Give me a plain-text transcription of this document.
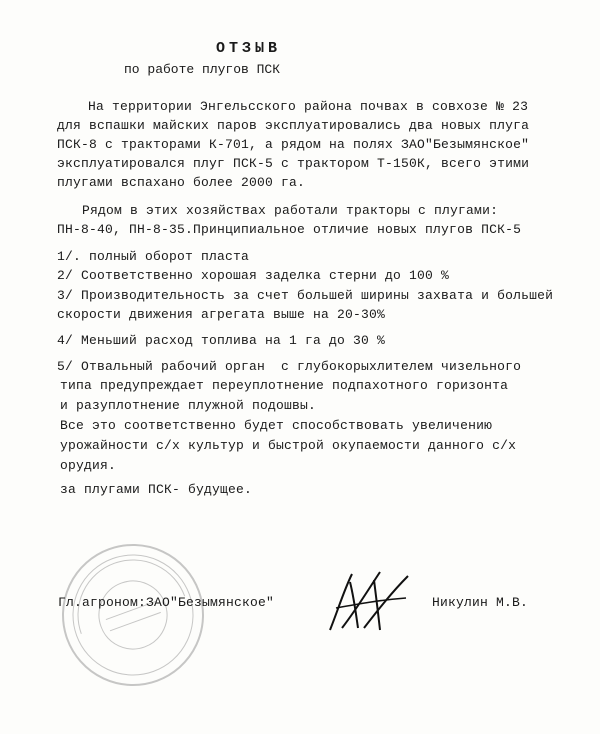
ОТЗЫВ
по работе плугов ПСК
На территории Энгельсского района почвах в совхозе № 23
для вспашки майских паров эксплуатировались два новых плуга
ПСК-8 с тракторами К-701, а рядом на полях ЗАО"Безымянское"
эксплуатировался плуг ПСК-5 с трактором Т-150К, всего этими
плугами вспахано более 2000 га.
Рядом в этих хозяйствах работали тракторы с плугами:
ПН-8-40, ПН-8-35.Принципиальное отличие новых плугов ПСК-5
1/. полный оборот пласта
2/ Соответственно хорошая заделка стерни до 100 %
3/ Производительность за счет большей ширины захвата и большей
скорости движения агрегата выше на 20-30%
4/ Меньший расход топлива на 1 га до 30 %
5/ Отвальный рабочий орган  с глубокорыхлителем чизельного
типа предупреждает переуплотнение подпахотного горизонта
и разуплотнение плужной подошвы.
Все это соответственно будет способствовать увеличению
урожайности с/х культур и быстрой окупаемости данного с/х
орудия.
за плугами ПСК- будущее.
Гл.агроном:ЗАО"Безымянское"	Никулин М.В.
